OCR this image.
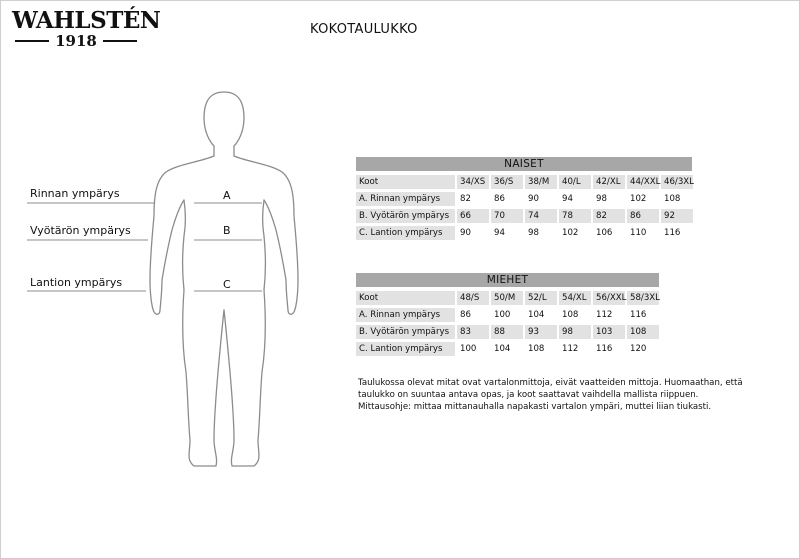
WAHLSTÉN
1918
KOKOTAULUKKO
Rinnan ympärys	A
Vyötärön ympärys	B
Lantion ympärys	C
NAISET
Koot	34/XS	36/S	38/M	40/L	42/XL	44/XXL 46/3XL
A. Rinnan ympärys	82	86	90	94	98	102	108
B. Vyötärön ympärys	66	70	74	78	82	86	92
C. Lantion ympärys	90	94	98	102	106	110	116
MIEHET
Koot	48/S	50/M	52/L	54/XL	56/XXL 58/3XL
A. Rinnan ympärys	86	100	104	108	112	116
B. Vyötärön ympärys	83	88	93	98	103	108
C. Lantion ympärys	100	104	108	112	116	120

Taulukossa olevat mitat ovat vartalonmittoja, eivät vaatteiden mittoja. Huomaathan, että

taulukko on suuntaa antava opas, ja koot saattavat vaihdella mallista riippuen.

Mittausohje: mittaa mittanauhalla napakasti vartalon ympäri, muttei liian tiukasti.
